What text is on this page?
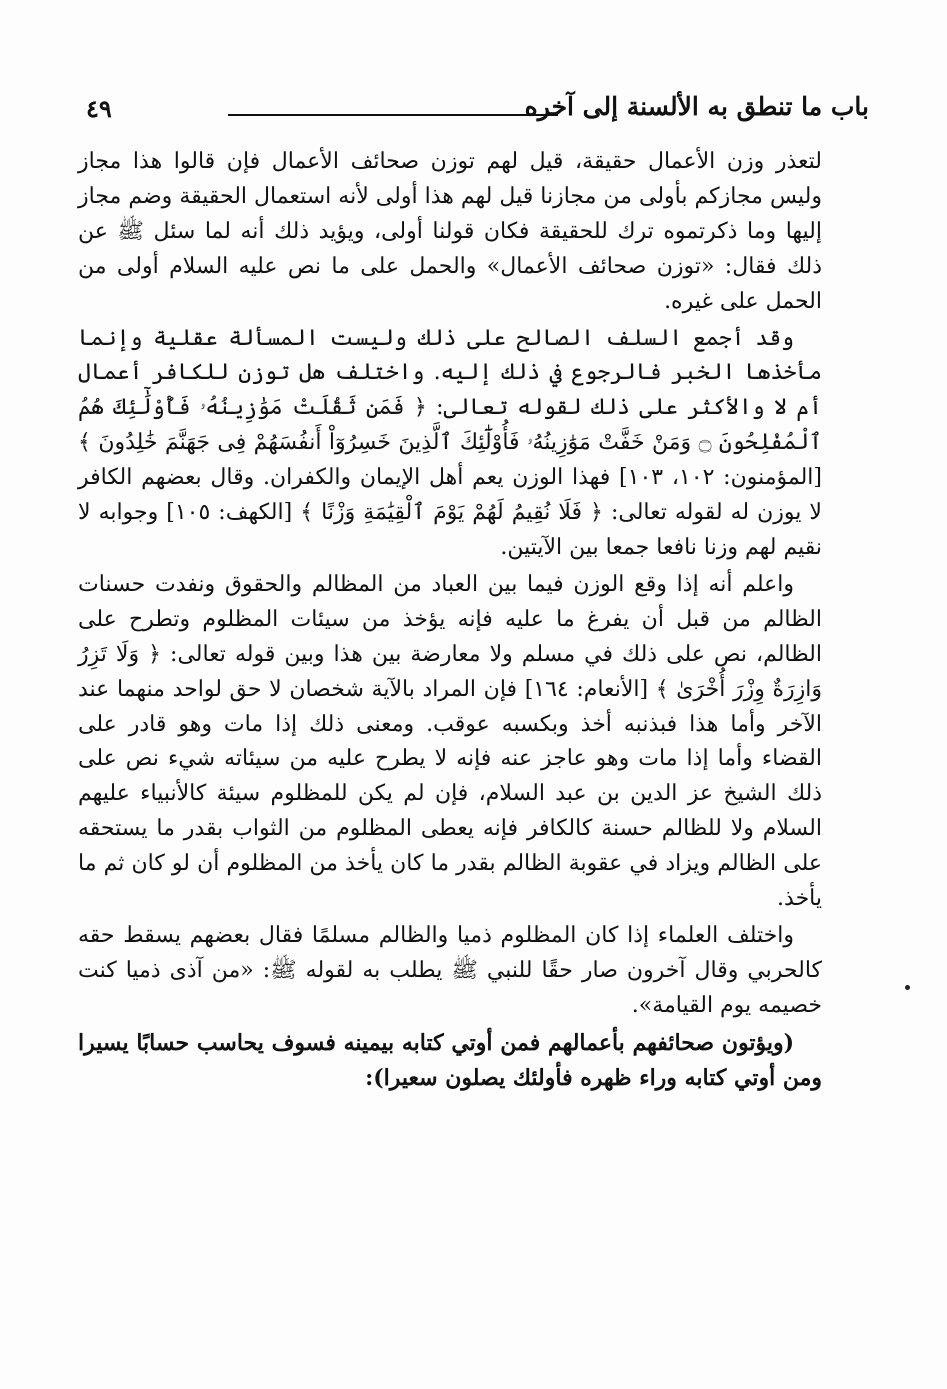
٤٩	باب ما تنطق به الألسنة إلى آخره

لتعذر وزن الأعمال حقيقة، قيل لهم توزن صحائف الأعمال فإن قالوا هذا مجاز وليس مجازكم بأولى من مجازنا قيل لهم هذا أولى لأنه استعمال الحقيقة وضم مجاز إليها وما ذكرتموه ترك للحقيقة فكان قولنا أولى، ويؤيد ذلك أنه لما سئل ﷺ عن ذلك فقال: «توزن صحائف الأعمال» والحمل على ما نص عليه السلام أولى من الحمل على غيره.

وقد أجمع السلف الصالح على ذلك وليست المسألة عقلية وإنما مأخذها الخبر فالرجوع في ذلك إليه. واختلف هل توزن للكافر أعمال أم لا والأكثر على ذلك لقوله تعالى: ﴿ فَمَن ثَقُلَتْ مَوَٰزِينُهُۥ فَأُوْلَٰٓئِكَ هُمُ ٱلْمُفْلِحُونَ ۝ وَمَنْ خَفَّتْ مَوَٰزِينُهُۥ فَأُوْلَٰٓئِكَ ٱلَّذِينَ خَسِرُوٓاْ أَنفُسَهُمْ فِى جَهَنَّمَ خَٰلِدُونَ ﴾ [المؤمنون: ١٠٢، ١٠٣] فهذا الوزن يعم أهل الإيمان والكفران. وقال بعضهم الكافر لا يوزن له لقوله تعالى: ﴿ فَلَا نُقِيمُ لَهُمْ يَوْمَ ٱلْقِيَٰمَةِ وَزْنًا ﴾ [الكهف: ١٠٥] وجوابه لا نقيم لهم وزنا نافعا جمعا بين الآيتين.

واعلم أنه إذا وقع الوزن فيما بين العباد من المظالم والحقوق ونفدت حسنات الظالم من قبل أن يفرغ ما عليه فإنه يؤخذ من سيئات المظلوم وتطرح على الظالم، نص على ذلك في مسلم ولا معارضة بين هذا وبين قوله تعالى: ﴿ وَلَا تَزِرُ وَازِرَةٌ وِزْرَ أُخْرَىٰ ﴾ [الأنعام: ١٦٤] فإن المراد بالآية شخصان لا حق لواحد منهما عند الآخر وأما هذا فبذنبه أخذ وبكسبه عوقب. ومعنى ذلك إذا مات وهو قادر على القضاء وأما إذا مات وهو عاجز عنه فإنه لا يطرح عليه من سيئاته شيء نص على ذلك الشيخ عز الدين بن عبد السلام، فإن لم يكن للمظلوم سيئة كالأنبياء عليهم السلام ولا للظالم حسنة كالكافر فإنه يعطى المظلوم من الثواب بقدر ما يستحقه على الظالم ويزاد في عقوبة الظالم بقدر ما كان يأخذ من المظلوم أن لو كان ثم ما يأخذ.

واختلف العلماء إذا كان المظلوم ذميا والظالم مسلمًا فقال بعضهم يسقط حقه كالحربي وقال آخرون صار حقًا للنبي ﷺ يطلب به لقوله ﷺ: «من آذى ذميا كنت خصيمه يوم القيامة».

(ويؤتون صحائفهم بأعمالهم فمن أوتي كتابه بيمينه فسوف يحاسب حسابًا يسيرا ومن أوتي كتابه وراء ظهره فأولئك يصلون سعيرا):
